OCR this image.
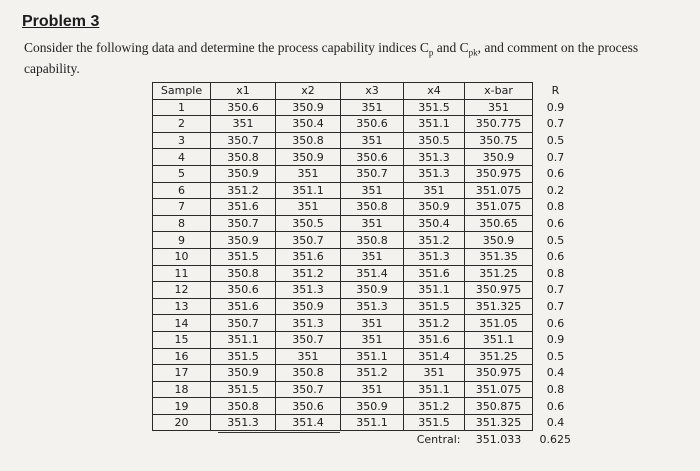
Problem 3
Consider the following data and determine the process capability indices $C_p$ and $C_{pk}$, and comment on the process capability.
Sample	x1	x2	x3	x4	x-bar	R
1	350.6	350.9	351	351.5	351	0.9
2	351	350.4	350.6	351.1	350.775	0.7
3	350.7	350.8	351	350.5	350.75	0.5
4	350.8	350.9	350.6	351.3	350.9	0.7
5	350.9	351	350.7	351.3	350.975	0.6
6	351.2	351.1	351	351	351.075	0.2
7	351.6	351	350.8	350.9	351.075	0.8
8	350.7	350.5	351	350.4	350.65	0.6
9	350.9	350.7	350.8	351.2	350.9	0.5
10	351.5	351.6	351	351.3	351.35	0.6
11	350.8	351.2	351.4	351.6	351.25	0.8
12	350.6	351.3	350.9	351.1	350.975	0.7
13	351.6	350.9	351.3	351.5	351.325	0.7
14	350.7	351.3	351	351.2	351.05	0.6
15	351.1	350.7	351	351.6	351.1	0.9
16	351.5	351	351.1	351.4	351.25	0.5
17	350.9	350.8	351.2	351	350.975	0.4
18	351.5	350.7	351	351.1	351.075	0.8
19	350.8	350.6	350.9	351.2	350.875	0.6
20	351.3	351.4	351.1	351.5	351.325	0.4
				Central:	351.033	0.625
